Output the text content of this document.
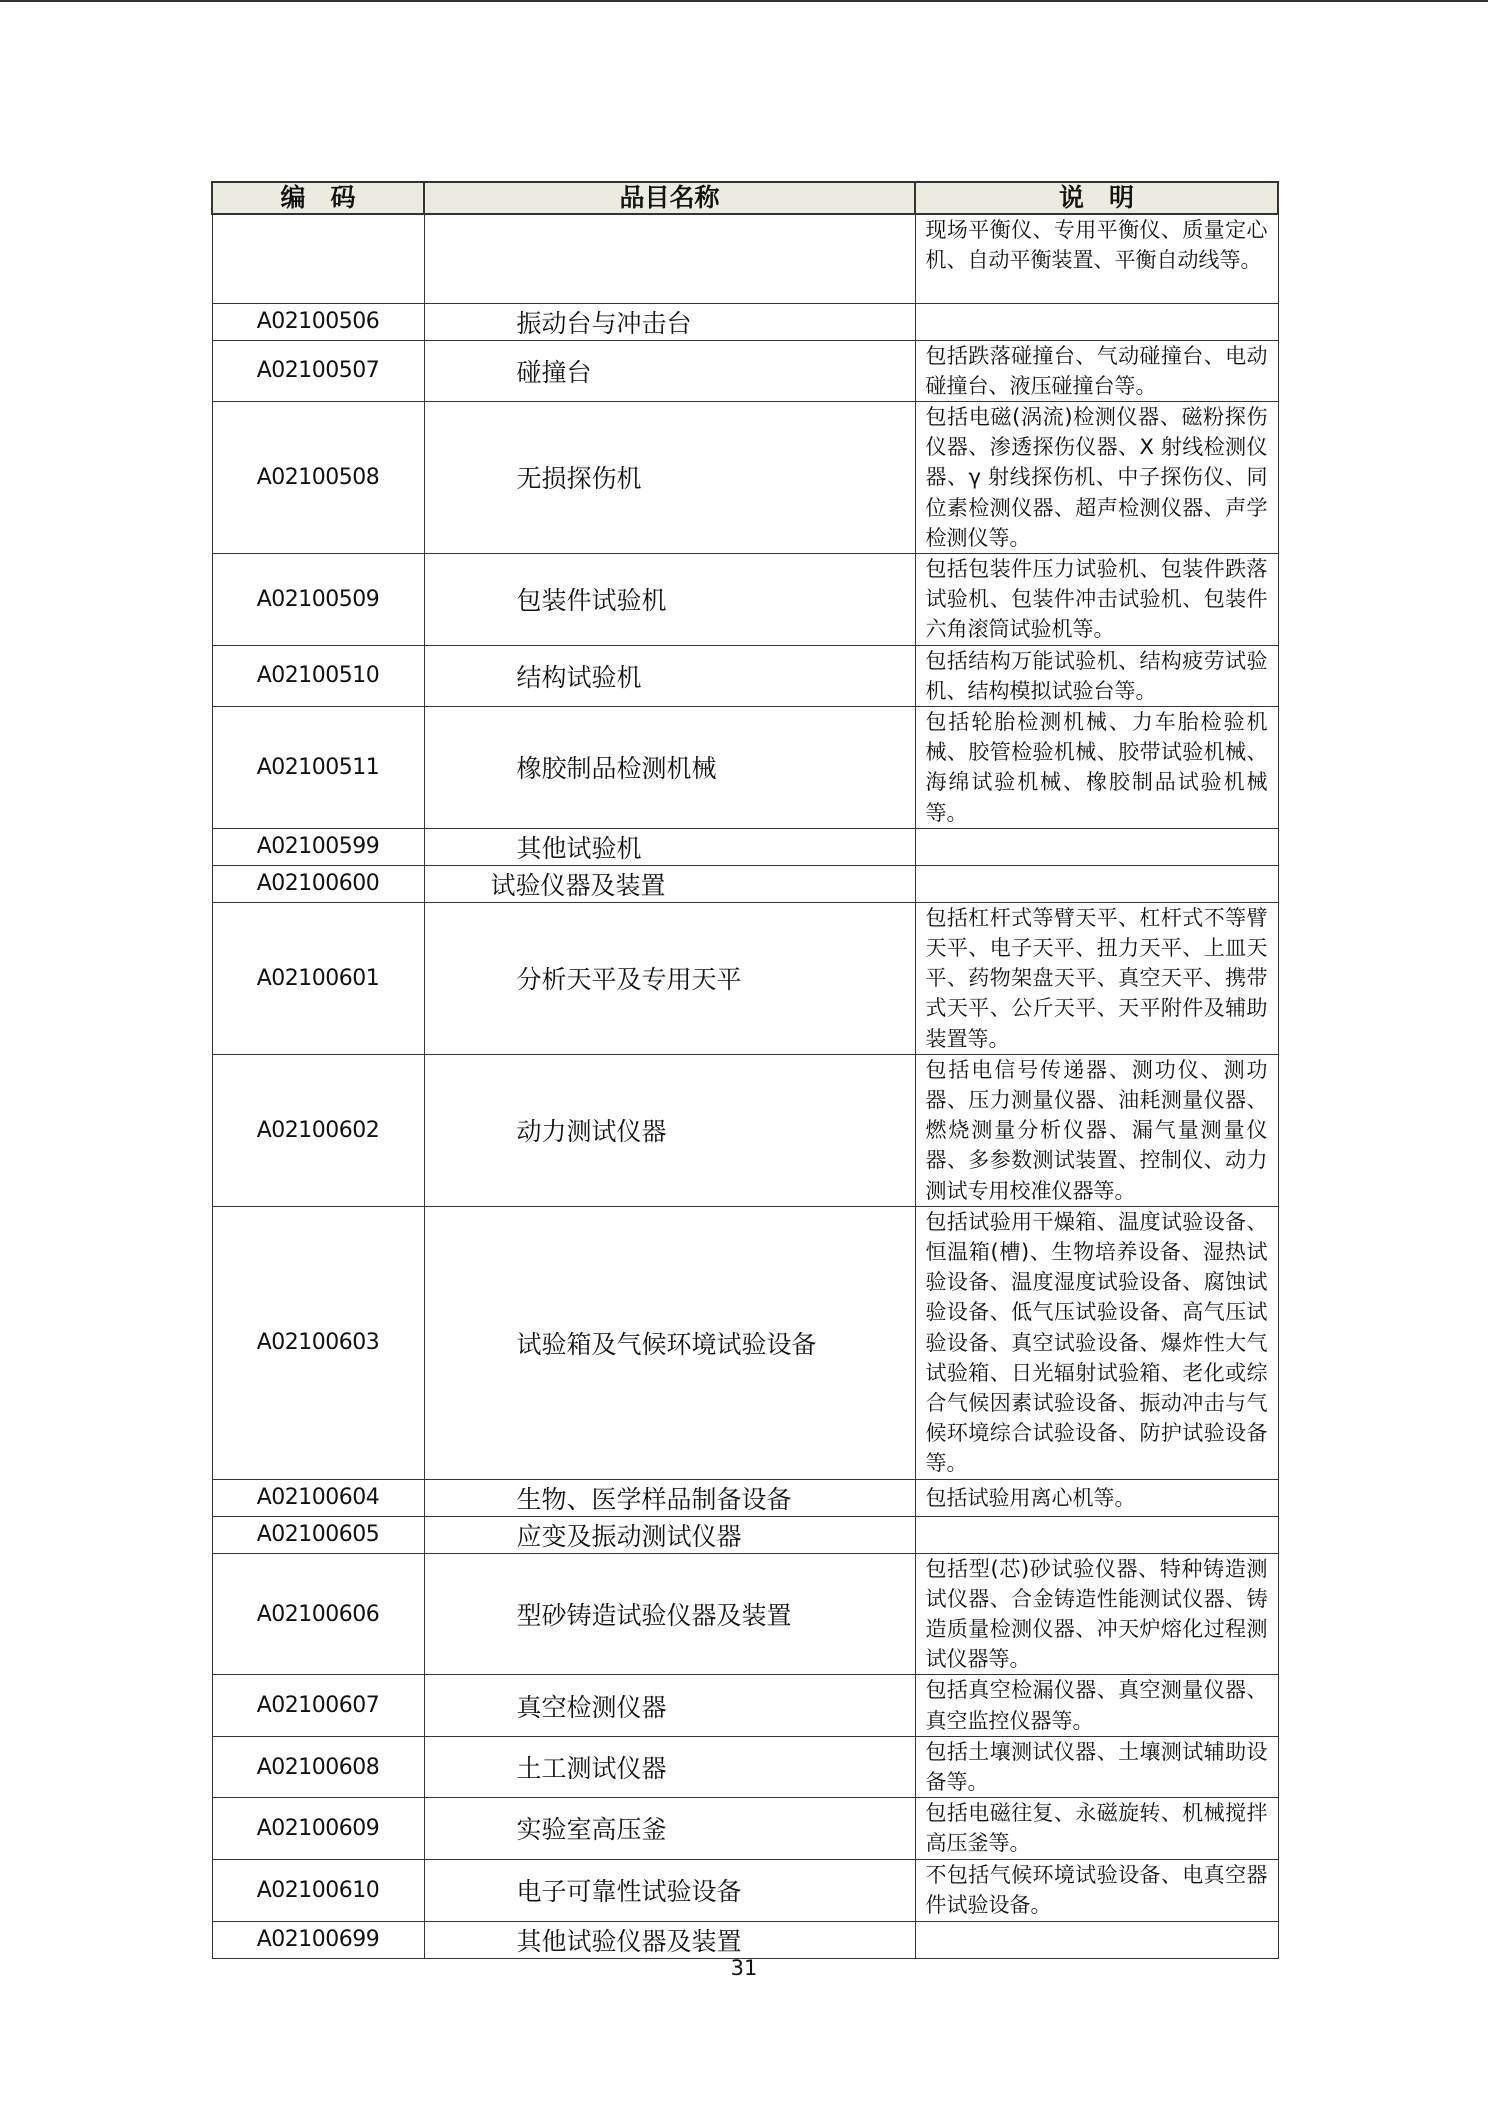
编　码	品目名称	说　明
		现场平衡仪、专用平衡仪、质量定心机、自动平衡装置、平衡自动线等。
A02100506	振动台与冲击台	
A02100507	碰撞台	包括跌落碰撞台、气动碰撞台、电动碰撞台、液压碰撞台等。
A02100508	无损探伤机	包括电磁(涡流)检测仪器、磁粉探伤仪器、渗透探伤仪器、X 射线检测仪器、γ 射线探伤机、中子探伤仪、同位素检测仪器、超声检测仪器、声学检测仪等。
A02100509	包装件试验机	包括包装件压力试验机、包装件跌落试验机、包装件冲击试验机、包装件六角滚筒试验机等。
A02100510	结构试验机	包括结构万能试验机、结构疲劳试验机、结构模拟试验台等。
A02100511	橡胶制品检测机械	包括轮胎检测机械、力车胎检验机械、胶管检验机械、胶带试验机械、海绵试验机械、橡胶制品试验机械等。
A02100599	其他试验机	
A02100600	试验仪器及装置	
A02100601	分析天平及专用天平	包括杠杆式等臂天平、杠杆式不等臂天平、电子天平、扭力天平、上皿天平、药物架盘天平、真空天平、携带式天平、公斤天平、天平附件及辅助装置等。
A02100602	动力测试仪器	包括电信号传递器、测功仪、测功器、压力测量仪器、油耗测量仪器、燃烧测量分析仪器、漏气量测量仪器、多参数测试装置、控制仪、动力测试专用校准仪器等。
A02100603	试验箱及气候环境试验设备	包括试验用干燥箱、温度试验设备、恒温箱(槽)、生物培养设备、湿热试验设备、温度湿度试验设备、腐蚀试验设备、低气压试验设备、高气压试验设备、真空试验设备、爆炸性大气试验箱、日光辐射试验箱、老化或综合气候因素试验设备、振动冲击与气候环境综合试验设备、防护试验设备等。
A02100604	生物、医学样品制备设备	包括试验用离心机等。
A02100605	应变及振动测试仪器	
A02100606	型砂铸造试验仪器及装置	包括型(芯)砂试验仪器、特种铸造测试仪器、合金铸造性能测试仪器、铸造质量检测仪器、冲天炉熔化过程测试仪器等。
A02100607	真空检测仪器	包括真空检漏仪器、真空测量仪器、真空监控仪器等。
A02100608	土工测试仪器	包括土壤测试仪器、土壤测试辅助设备等。
A02100609	实验室高压釜	包括电磁往复、永磁旋转、机械搅拌高压釜等。
A02100610	电子可靠性试验设备	不包括气候环境试验设备、电真空器件试验设备。
A02100699	其他试验仪器及装置	
31
